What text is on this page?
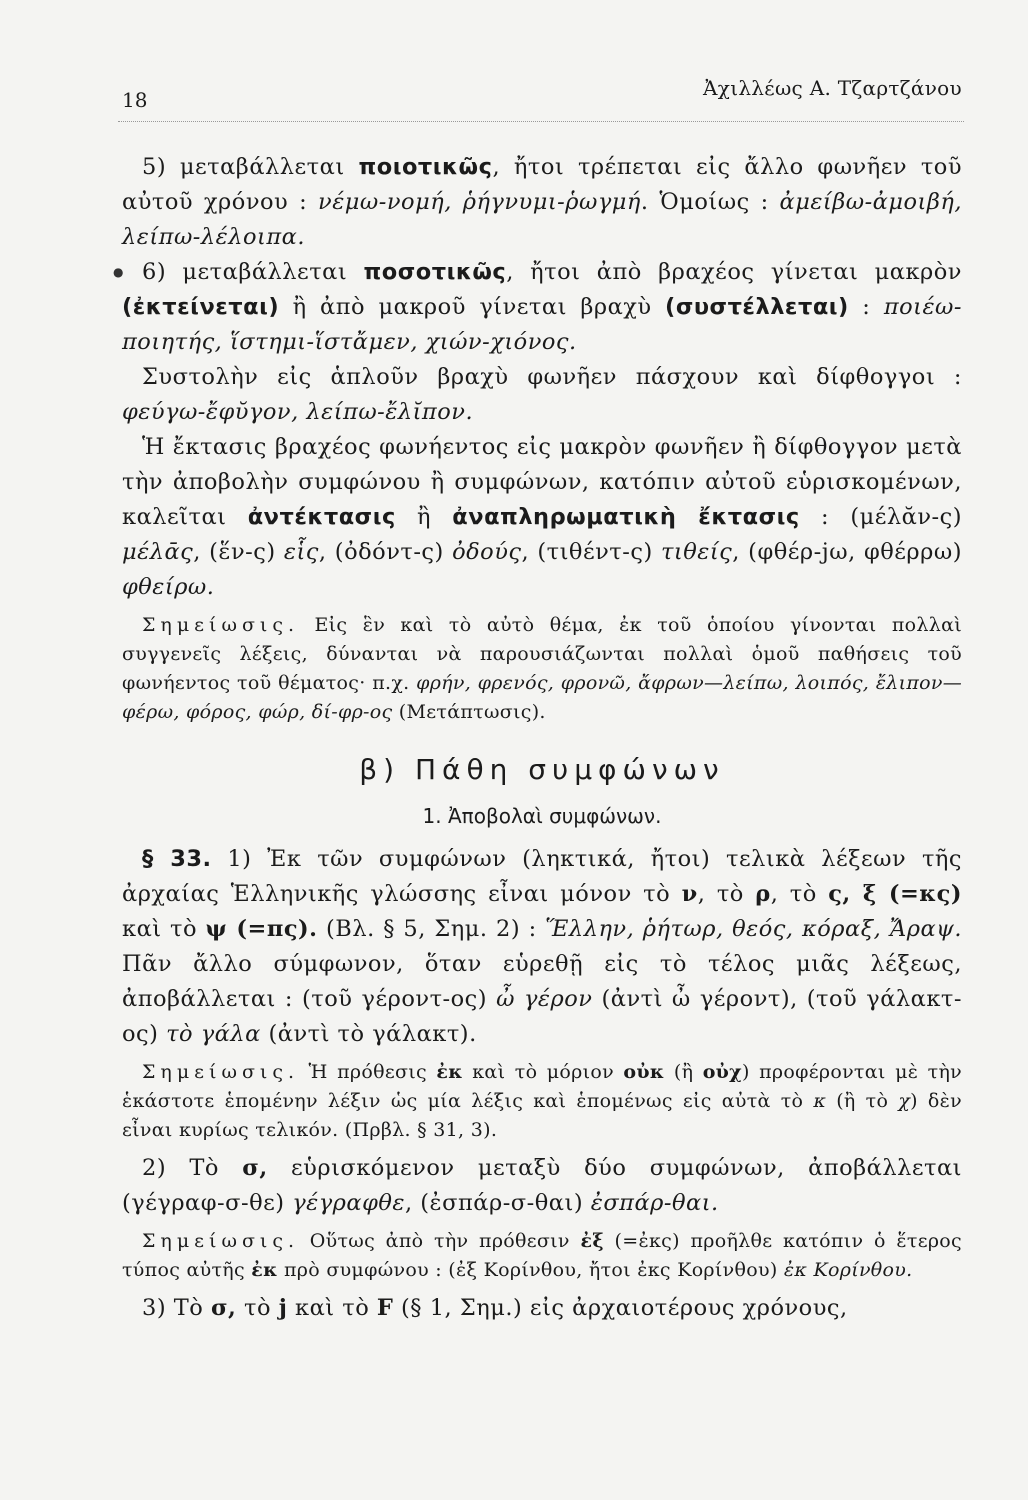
18	Ἀχιλλέως Α. Τζαρτζάνου

5) μεταβάλλεται ποιοτικῶς, ἤτοι τρέπεται εἰς ἄλλο φωνῆεν τοῦ αὐτοῦ χρόνου : νέμω-νομή, ῥήγνυμι-ῥωγμή. Ὁμοίως : ἀμείβω-ἀμοιβή, λείπω-λέλοιπα.

● 6) μεταβάλλεται ποσοτικῶς, ἤτοι ἀπὸ βραχέος γίνεται μακρὸν (ἐκτείνεται) ἢ ἀπὸ μακροῦ γίνεται βραχὺ (συστέλλεται) : ποιέω-ποιητής, ἵστημι-ἵστἄμεν, χιών-χιόνος.

Συστολὴν εἰς ἁπλοῦν βραχὺ φωνῆεν πάσχουν καὶ δίφθογγοι : φεύγω-ἔφῠγον, λείπω-ἔλῐπον.

Ἡ ἔκτασις βραχέος φωνήεντος εἰς μακρὸν φωνῆεν ἢ δίφθογγον μετὰ τὴν ἀποβολὴν συμφώνου ἢ συμφώνων, κατόπιν αὐτοῦ εὑρισκομένων, καλεῖται ἀντέκτασις ἢ ἀναπληρωματικὴ ἔκτασις : (μέλᾰν-ς) μέλᾱς, (ἕν-ς) εἷς, (ὀδόντ-ς) ὀδούς, (τιθέντ-ς) τιθείς, (φθέρ-jω, φθέρρω) φθείρω.

Σημείωσις. Εἰς ἓν καὶ τὸ αὐτὸ θέμα, ἐκ τοῦ ὁποίου γίνονται πολλαὶ συγγενεῖς λέξεις, δύνανται νὰ παρουσιάζωνται πολλαὶ ὁμοῦ παθήσεις τοῦ φωνήεντος τοῦ θέματος· π.χ. φρήν, φρενός, φρονῶ, ἄφρων—λείπω, λοιπός, ἔλιπον—φέρω, φόρος, φώρ, δί-φρ-ος (Μετάπτωσις).

β) Πάθη συμφώνων
1. Ἀποβολαὶ συμφώνων.

§ 33. 1) Ἐκ τῶν συμφώνων (ληκτικά, ἤτοι) τελικὰ λέξεων τῆς ἀρχαίας Ἑλληνικῆς γλώσσης εἶναι μόνον τὸ ν, τὸ ρ, τὸ ς, ξ (=κς) καὶ τὸ ψ (=πς). (Βλ. § 5, Σημ. 2) : Ἕλλην, ῥήτωρ, θεός, κόραξ, Ἄραψ. Πᾶν ἄλλο σύμφωνον, ὅταν εὑρεθῇ εἰς τὸ τέλος μιᾶς λέξεως, ἀποβάλλεται : (τοῦ γέροντ-ος) ὦ γέρον (ἀντὶ ὦ γέροντ), (τοῦ γάλακτ-ος) τὸ γάλα (ἀντὶ τὸ γάλακτ).

Σημείωσις. Ἡ πρόθεσις ἐκ καὶ τὸ μόριον οὐκ (ἢ οὐχ) προφέρονται μὲ τὴν ἑκάστοτε ἑπομένην λέξιν ὡς μία λέξις καὶ ἑπομένως εἰς αὐτὰ τὸ κ (ἢ τὸ χ) δὲν εἶναι κυρίως τελικόν. (Πρβλ. § 31, 3).

2) Τὸ σ, εὑρισκόμενον μεταξὺ δύο συμφώνων, ἀποβάλλεται (γέγραφ-σ-θε) γέγραφθε, (ἐσπάρ-σ-θαι) ἐσπάρ-θαι.

Σημείωσις. Οὕτως ἀπὸ τὴν πρόθεσιν ἐξ (=ἐκς) προῆλθε κατόπιν ὁ ἕτερος τύπος αὐτῆς ἐκ πρὸ συμφώνου : (ἐξ Κορίνθου, ἤτοι ἐκς Κορίνθου) ἐκ Κορίνθου.

3) Τὸ σ, τὸ j καὶ τὸ F (§ 1, Σημ.) εἰς ἀρχαιοτέρους χρόνους,
